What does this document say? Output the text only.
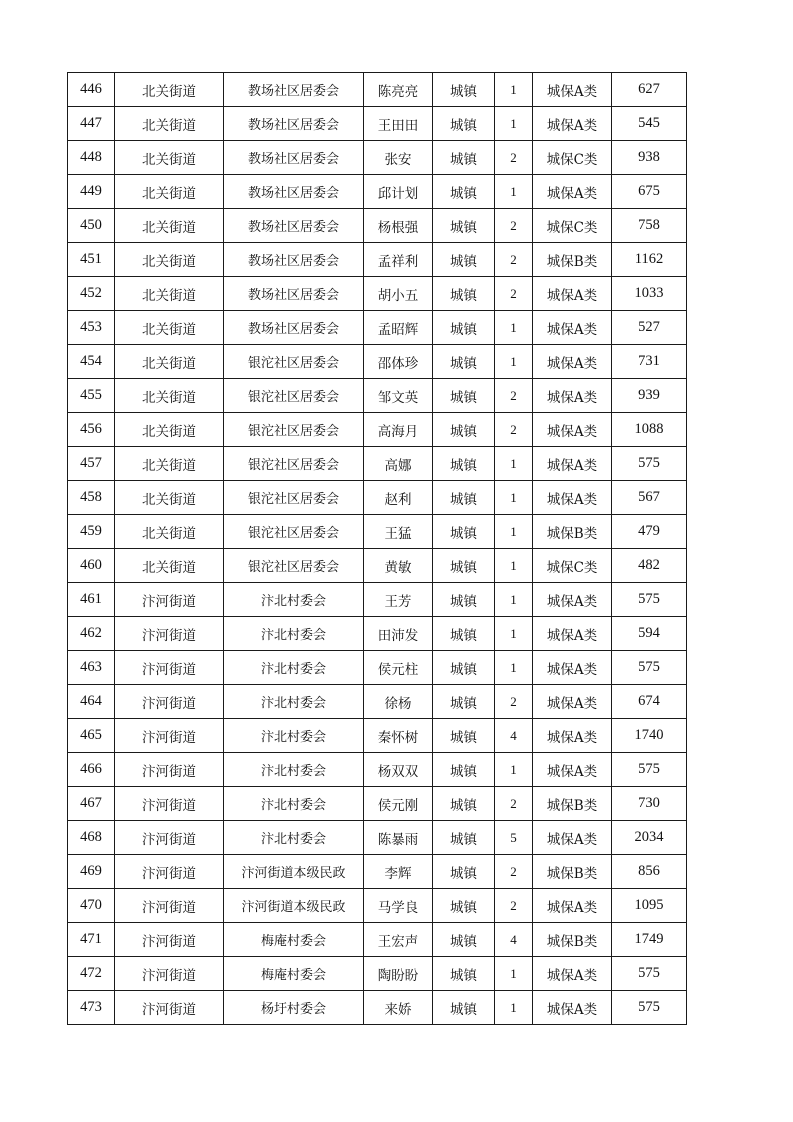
446	北关街道	教场社区居委会	陈亮亮	城镇	1	城保A类	627
447	北关街道	教场社区居委会	王田田	城镇	1	城保A类	545
448	北关街道	教场社区居委会	张安	城镇	2	城保C类	938
449	北关街道	教场社区居委会	邱计划	城镇	1	城保A类	675
450	北关街道	教场社区居委会	杨根强	城镇	2	城保C类	758
451	北关街道	教场社区居委会	孟祥利	城镇	2	城保B类	1162
452	北关街道	教场社区居委会	胡小五	城镇	2	城保A类	1033
453	北关街道	教场社区居委会	孟昭辉	城镇	1	城保A类	527
454	北关街道	银沱社区居委会	邵体珍	城镇	1	城保A类	731
455	北关街道	银沱社区居委会	邹文英	城镇	2	城保A类	939
456	北关街道	银沱社区居委会	高海月	城镇	2	城保A类	1088
457	北关街道	银沱社区居委会	高娜	城镇	1	城保A类	575
458	北关街道	银沱社区居委会	赵利	城镇	1	城保A类	567
459	北关街道	银沱社区居委会	王猛	城镇	1	城保B类	479
460	北关街道	银沱社区居委会	黄敏	城镇	1	城保C类	482
461	汴河街道	汴北村委会	王芳	城镇	1	城保A类	575
462	汴河街道	汴北村委会	田沛发	城镇	1	城保A类	594
463	汴河街道	汴北村委会	侯元柱	城镇	1	城保A类	575
464	汴河街道	汴北村委会	徐杨	城镇	2	城保A类	674
465	汴河街道	汴北村委会	秦怀树	城镇	4	城保A类	1740
466	汴河街道	汴北村委会	杨双双	城镇	1	城保A类	575
467	汴河街道	汴北村委会	侯元刚	城镇	2	城保B类	730
468	汴河街道	汴北村委会	陈暴雨	城镇	5	城保A类	2034
469	汴河街道	汴河街道本级民政	李辉	城镇	2	城保B类	856
470	汴河街道	汴河街道本级民政	马学良	城镇	2	城保A类	1095
471	汴河街道	梅庵村委会	王宏声	城镇	4	城保B类	1749
472	汴河街道	梅庵村委会	陶盼盼	城镇	1	城保A类	575
473	汴河街道	杨圩村委会	来娇	城镇	1	城保A类	575
